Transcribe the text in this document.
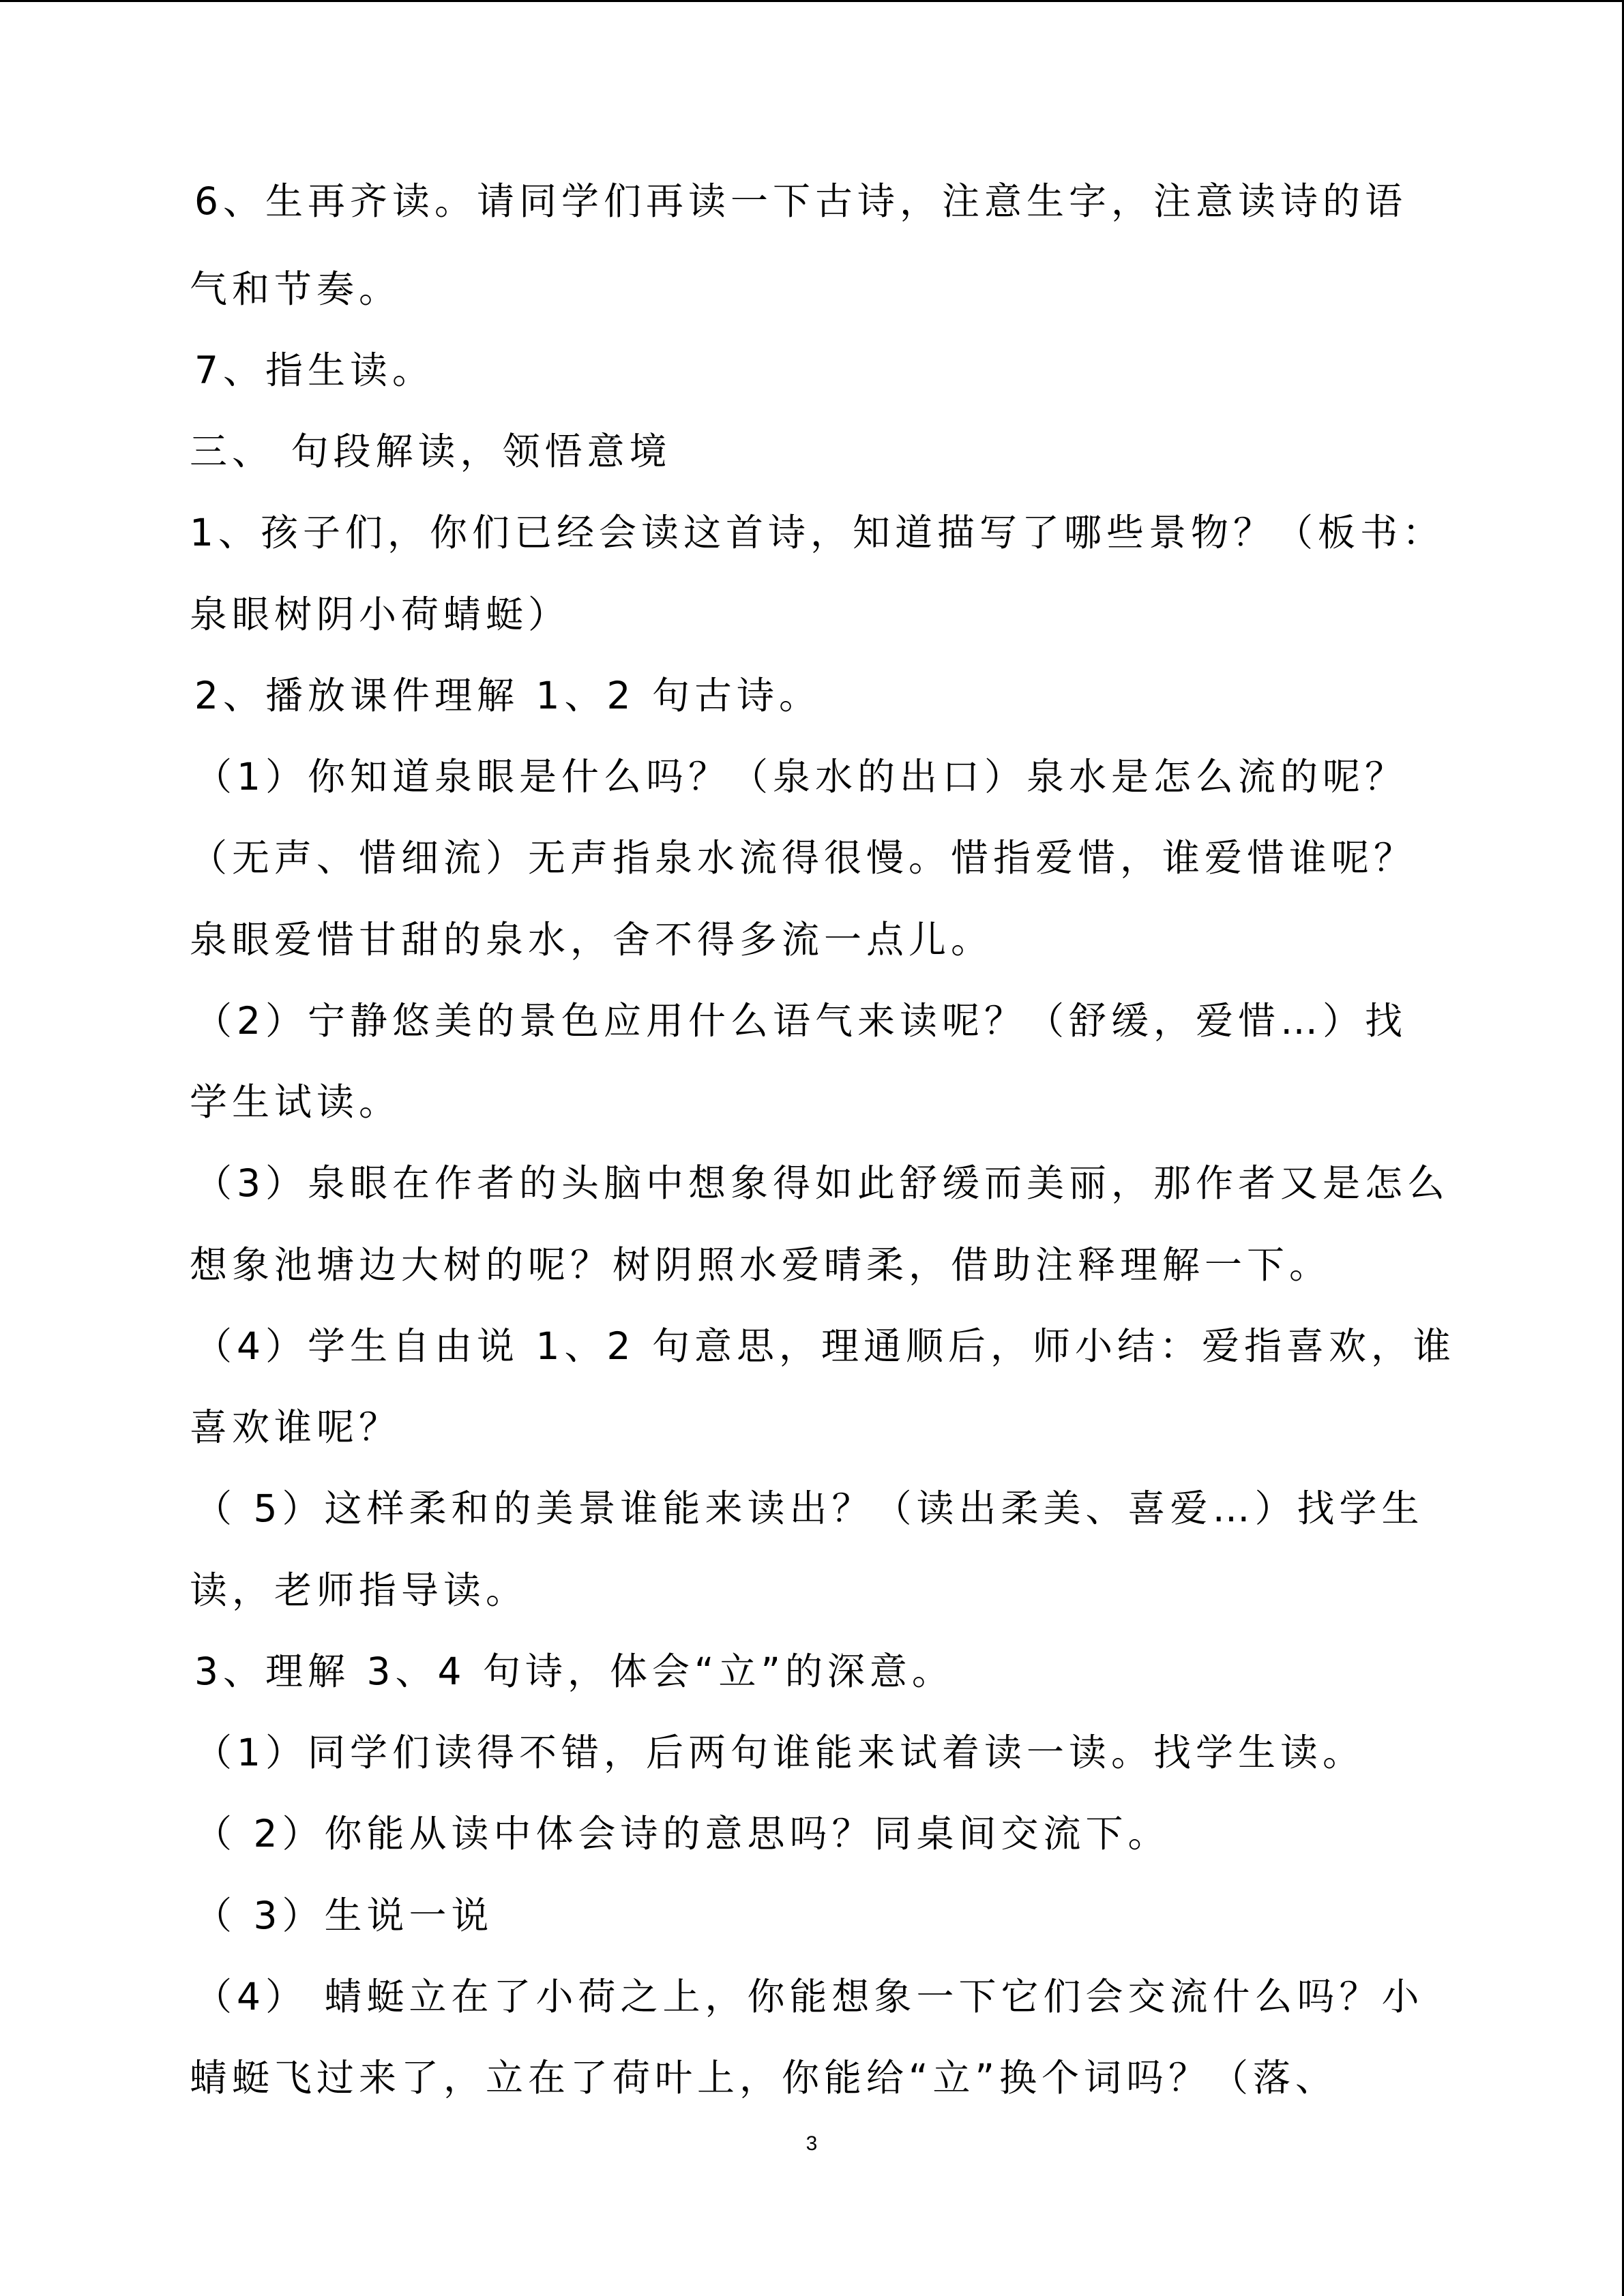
6、生再齐读。请同学们再读一下古诗，注意生字，注意读诗的语
气和节奏。
7、指生读。
三、 句段解读，领悟意境
1、孩子们，你们已经会读这首诗，知道描写了哪些景物？（板书：
泉眼树阴小荷蜻蜓）
2、播放课件理解 1、2 句古诗。
（1）你知道泉眼是什么吗？（泉水的出口）泉水是怎么流的呢？
（无声、惜细流）无声指泉水流得很慢。惜指爱惜，谁爱惜谁呢？
泉眼爱惜甘甜的泉水，舍不得多流一点儿。
（2）宁静悠美的景色应用什么语气来读呢？（舒缓，爱惜…）找
学生试读。
（3）泉眼在作者的头脑中想象得如此舒缓而美丽，那作者又是怎么
想象池塘边大树的呢？树阴照水爱晴柔，借助注释理解一下。
（4）学生自由说 1、2 句意思，理通顺后，师小结：爱指喜欢，谁
喜欢谁呢？
（ 5）这样柔和的美景谁能来读出？（读出柔美、喜爱…）找学生
读，老师指导读。
3、理解 3、4 句诗，体会“立”的深意。
（1）同学们读得不错，后两句谁能来试着读一读。找学生读。
（ 2）你能从读中体会诗的意思吗？同桌间交流下。
（ 3）生说一说
（4） 蜻蜓立在了小荷之上，你能想象一下它们会交流什么吗？小
蜻蜓飞过来了，立在了荷叶上，你能给“立”换个词吗？（落、
3
